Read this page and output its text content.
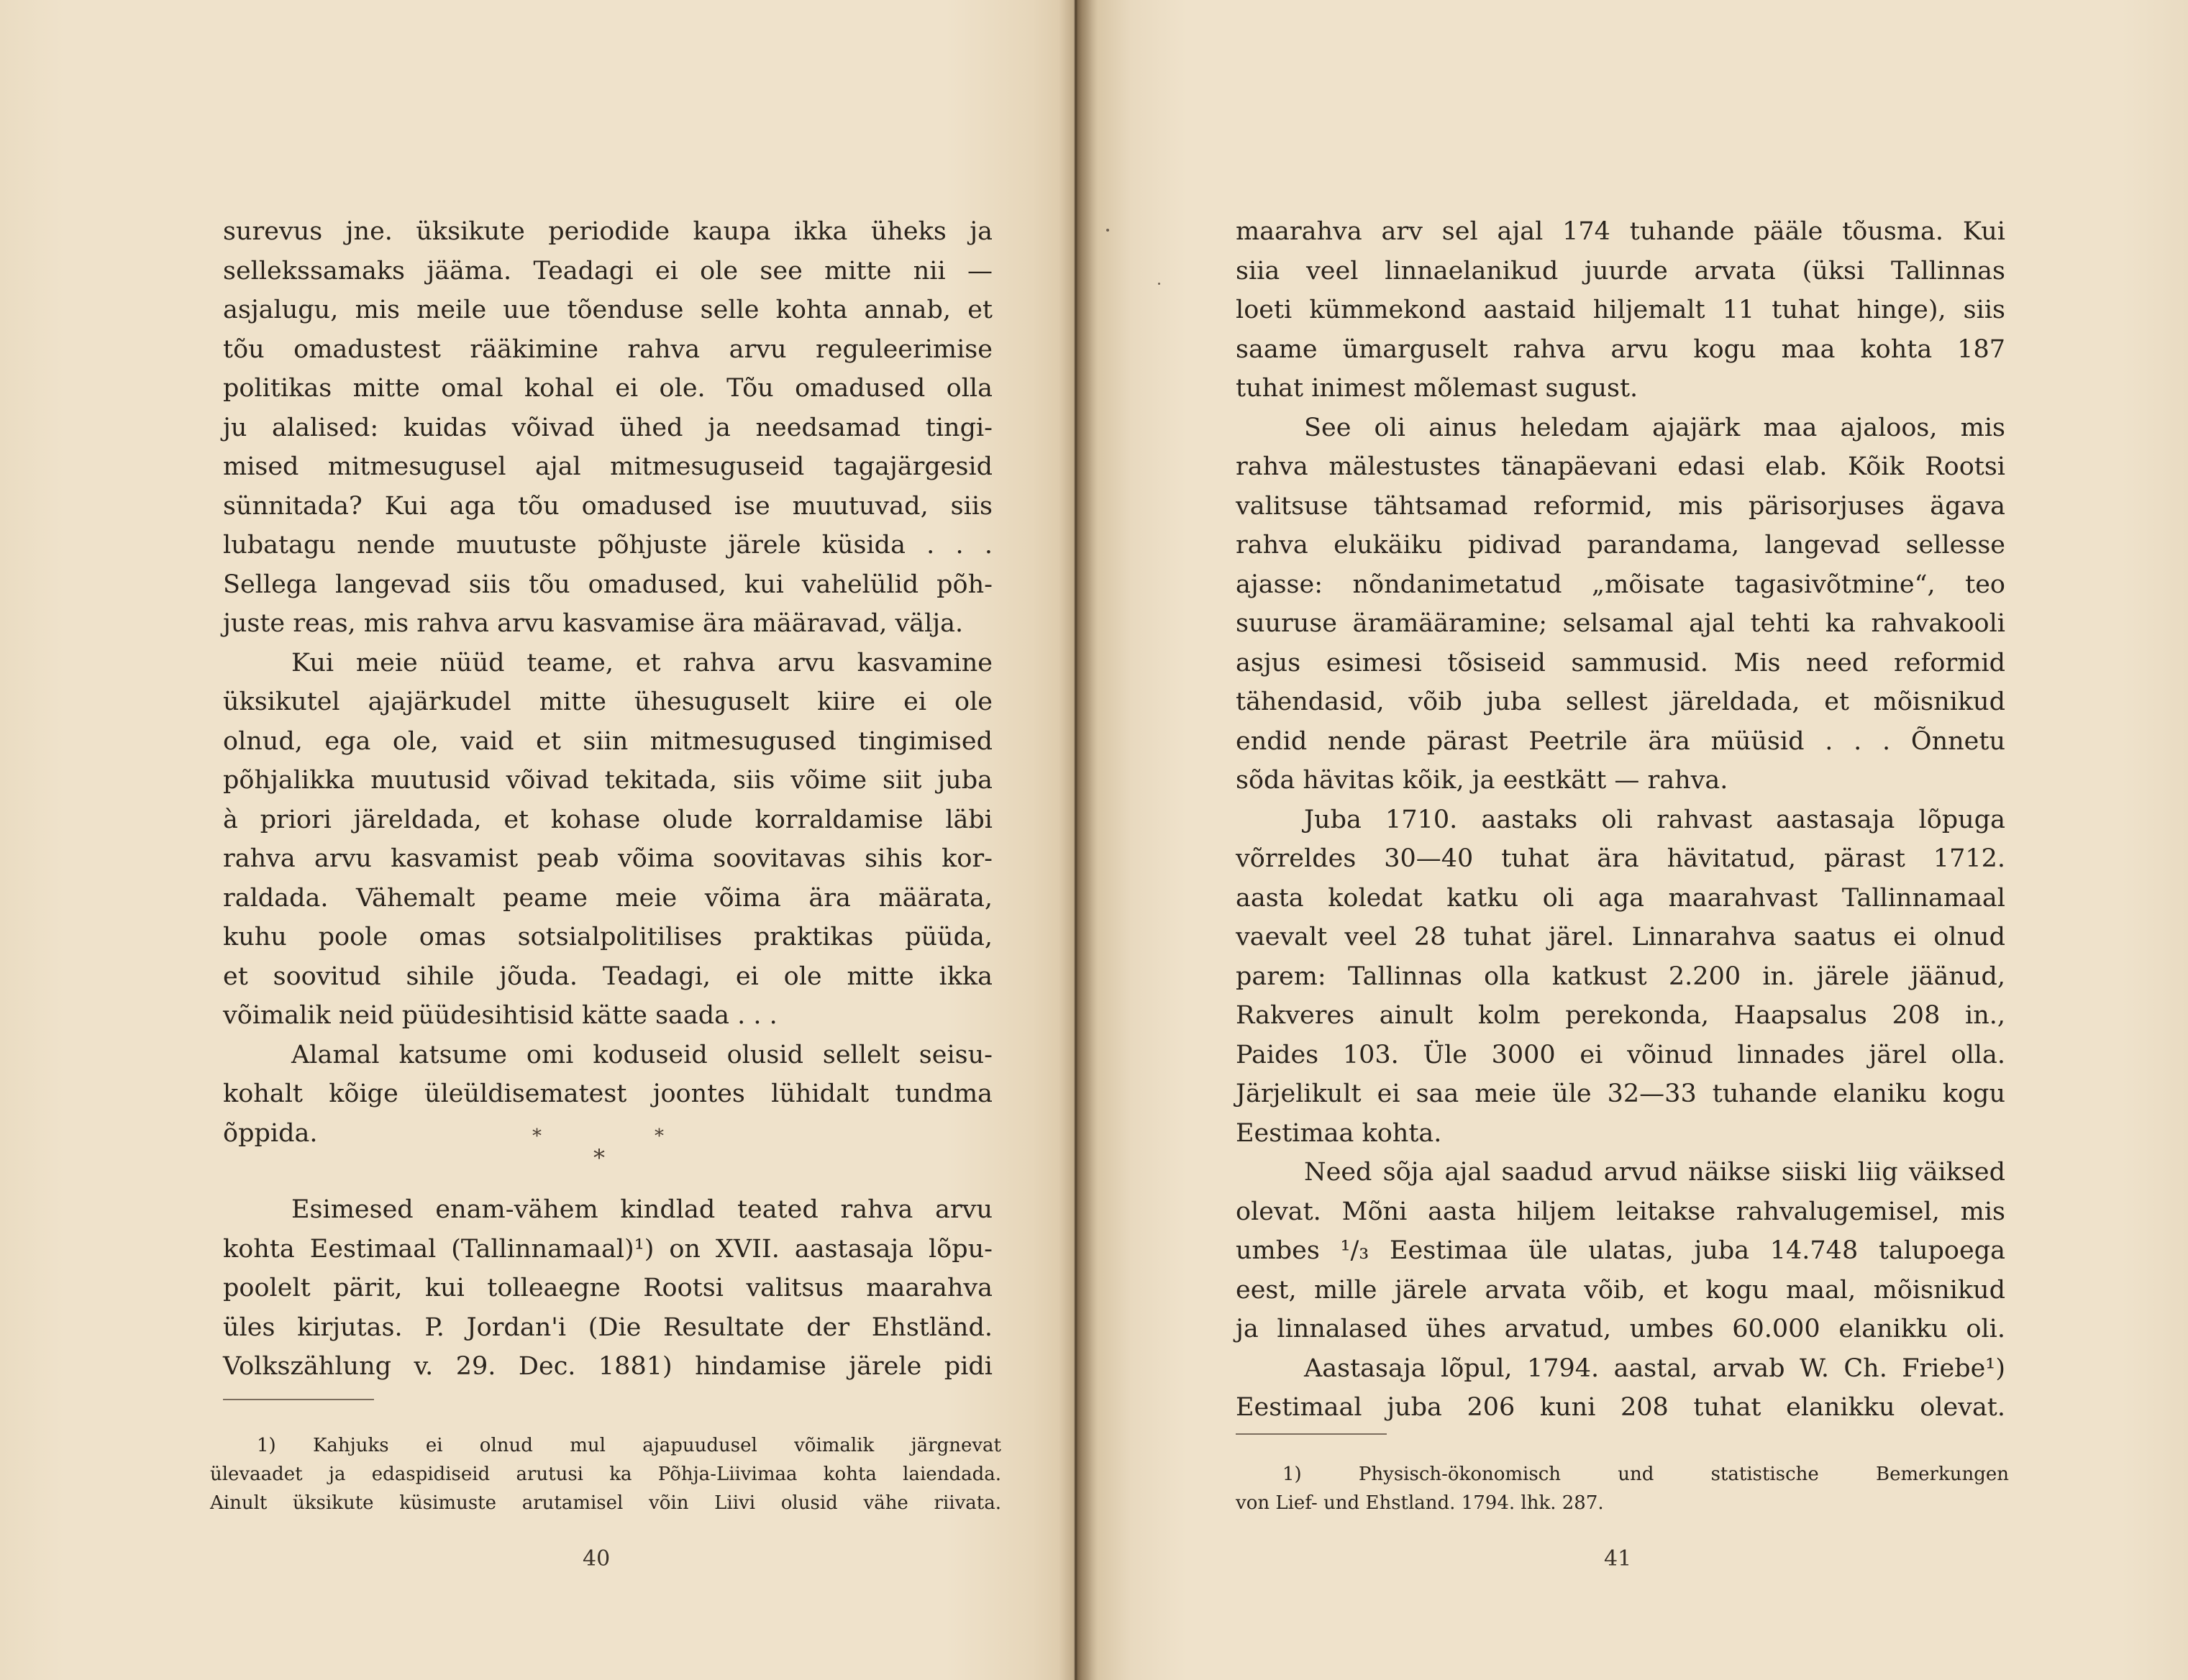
surevus jne. üksikute periodide kaupa ikka üheks ja
sellekssamaks jääma. Teadagi ei ole see mitte nii —
asjalugu, mis meile uue tõenduse selle kohta annab, et
tõu omadustest rääkimine rahva arvu reguleerimise
politikas mitte omal kohal ei ole. Tõu omadused olla
ju alalised: kuidas võivad ühed ja needsamad tingi-
mised mitmesugusel ajal mitmesuguseid tagajärgesid
sünnitada? Kui aga tõu omadused ise muutuvad, siis
lubatagu nende muutuste põhjuste järele küsida . . .
Sellega langevad siis tõu omadused, kui vahelülid põh-
juste reas, mis rahva arvu kasvamise ära määravad, välja.
Kui meie nüüd teame, et rahva arvu kasvamine
üksikutel ajajärkudel mitte ühesuguselt kiire ei ole
olnud, ega ole, vaid et siin mitmesugused tingimised
põhjalikka muutusid võivad tekitada, siis võime siit juba
à priori järeldada, et kohase olude korraldamise läbi
rahva arvu kasvamist peab võima soovitavas sihis kor-
raldada. Vähemalt peame meie võima ära määrata,
kuhu poole omas sotsialpolitilises praktikas püüda,
et soovitud sihile jõuda. Teadagi, ei ole mitte ikka
võimalik neid püüdesihtisid kätte saada . . .
Alamal katsume omi koduseid olusid sellelt seisu-
kohalt kõige üleüldisematest joontes lühidalt tundma
õppida.	*
*
*
Esimesed enam-vähem kindlad teated rahva arvu
kohta Eestimaal (Tallinnamaal)¹) on XVII. aastasaja lõpu-
poolelt pärit, kui tolleaegne Rootsi valitsus maarahva
üles kirjutas. P. Jordan'i (Die Resultate der Ehstländ.
Volkszählung v. 29. Dec. 1881) hindamise järele pidi
1) Kahjuks ei olnud mul ajapuudusel võimalik järgnevat
ülevaadet ja edaspidiseid arutusi ka Põhja-Liivimaa kohta laiendada.
Ainult üksikute küsimuste arutamisel võin Liivi olusid vähe riivata.
40
maarahva arv sel ajal 174 tuhande pääle tõusma. Kui
siia veel linnaelanikud juurde arvata (üksi Tallinnas
loeti kümmekond aastaid hiljemalt 11 tuhat hinge), siis
saame ümarguselt rahva arvu kogu maa kohta 187
tuhat inimest mõlemast sugust.
See oli ainus heledam ajajärk maa ajaloos, mis
rahva mälestustes tänapäevani edasi elab. Kõik Rootsi
valitsuse tähtsamad reformid, mis pärisorjuses ägava
rahva elukäiku pidivad parandama, langevad sellesse
ajasse: nõndanimetatud „mõisate tagasivõtmine“, teo
suuruse äramääramine; selsamal ajal tehti ka rahvakooli
asjus esimesi tõsiseid sammusid. Mis need reformid
tähendasid, võib juba sellest järeldada, et mõisnikud
endid nende pärast Peetrile ära müüsid . . . Õnnetu
sõda hävitas kõik, ja eestkätt — rahva.
Juba 1710. aastaks oli rahvast aastasaja lõpuga
võrreldes 30—40 tuhat ära hävitatud, pärast 1712.
aasta koledat katku oli aga maarahvast Tallinnamaal
vaevalt veel 28 tuhat järel. Linnarahva saatus ei olnud
parem: Tallinnas olla katkust 2.200 in. järele jäänud,
Rakveres ainult kolm perekonda, Haapsalus 208 in.,
Paides 103. Üle 3000 ei võinud linnades järel olla.
Järjelikult ei saa meie üle 32—33 tuhande elaniku kogu
Eestimaa kohta.
Need sõja ajal saadud arvud näikse siiski liig väiksed
olevat. Mõni aasta hiljem leitakse rahvalugemisel, mis
umbes ¹/₃ Eestimaa üle ulatas, juba 14.748 talupoega
eest, mille järele arvata võib, et kogu maal, mõisnikud
ja linnalased ühes arvatud, umbes 60.000 elanikku oli.
Aastasaja lõpul, 1794. aastal, arvab W. Ch. Friebe¹)
Eestimaal juba 206 kuni 208 tuhat elanikku olevat.
1) Physisch-ökonomisch und statistische Bemerkungen
von Lief- und Ehstland. 1794. lhk. 287.
41
